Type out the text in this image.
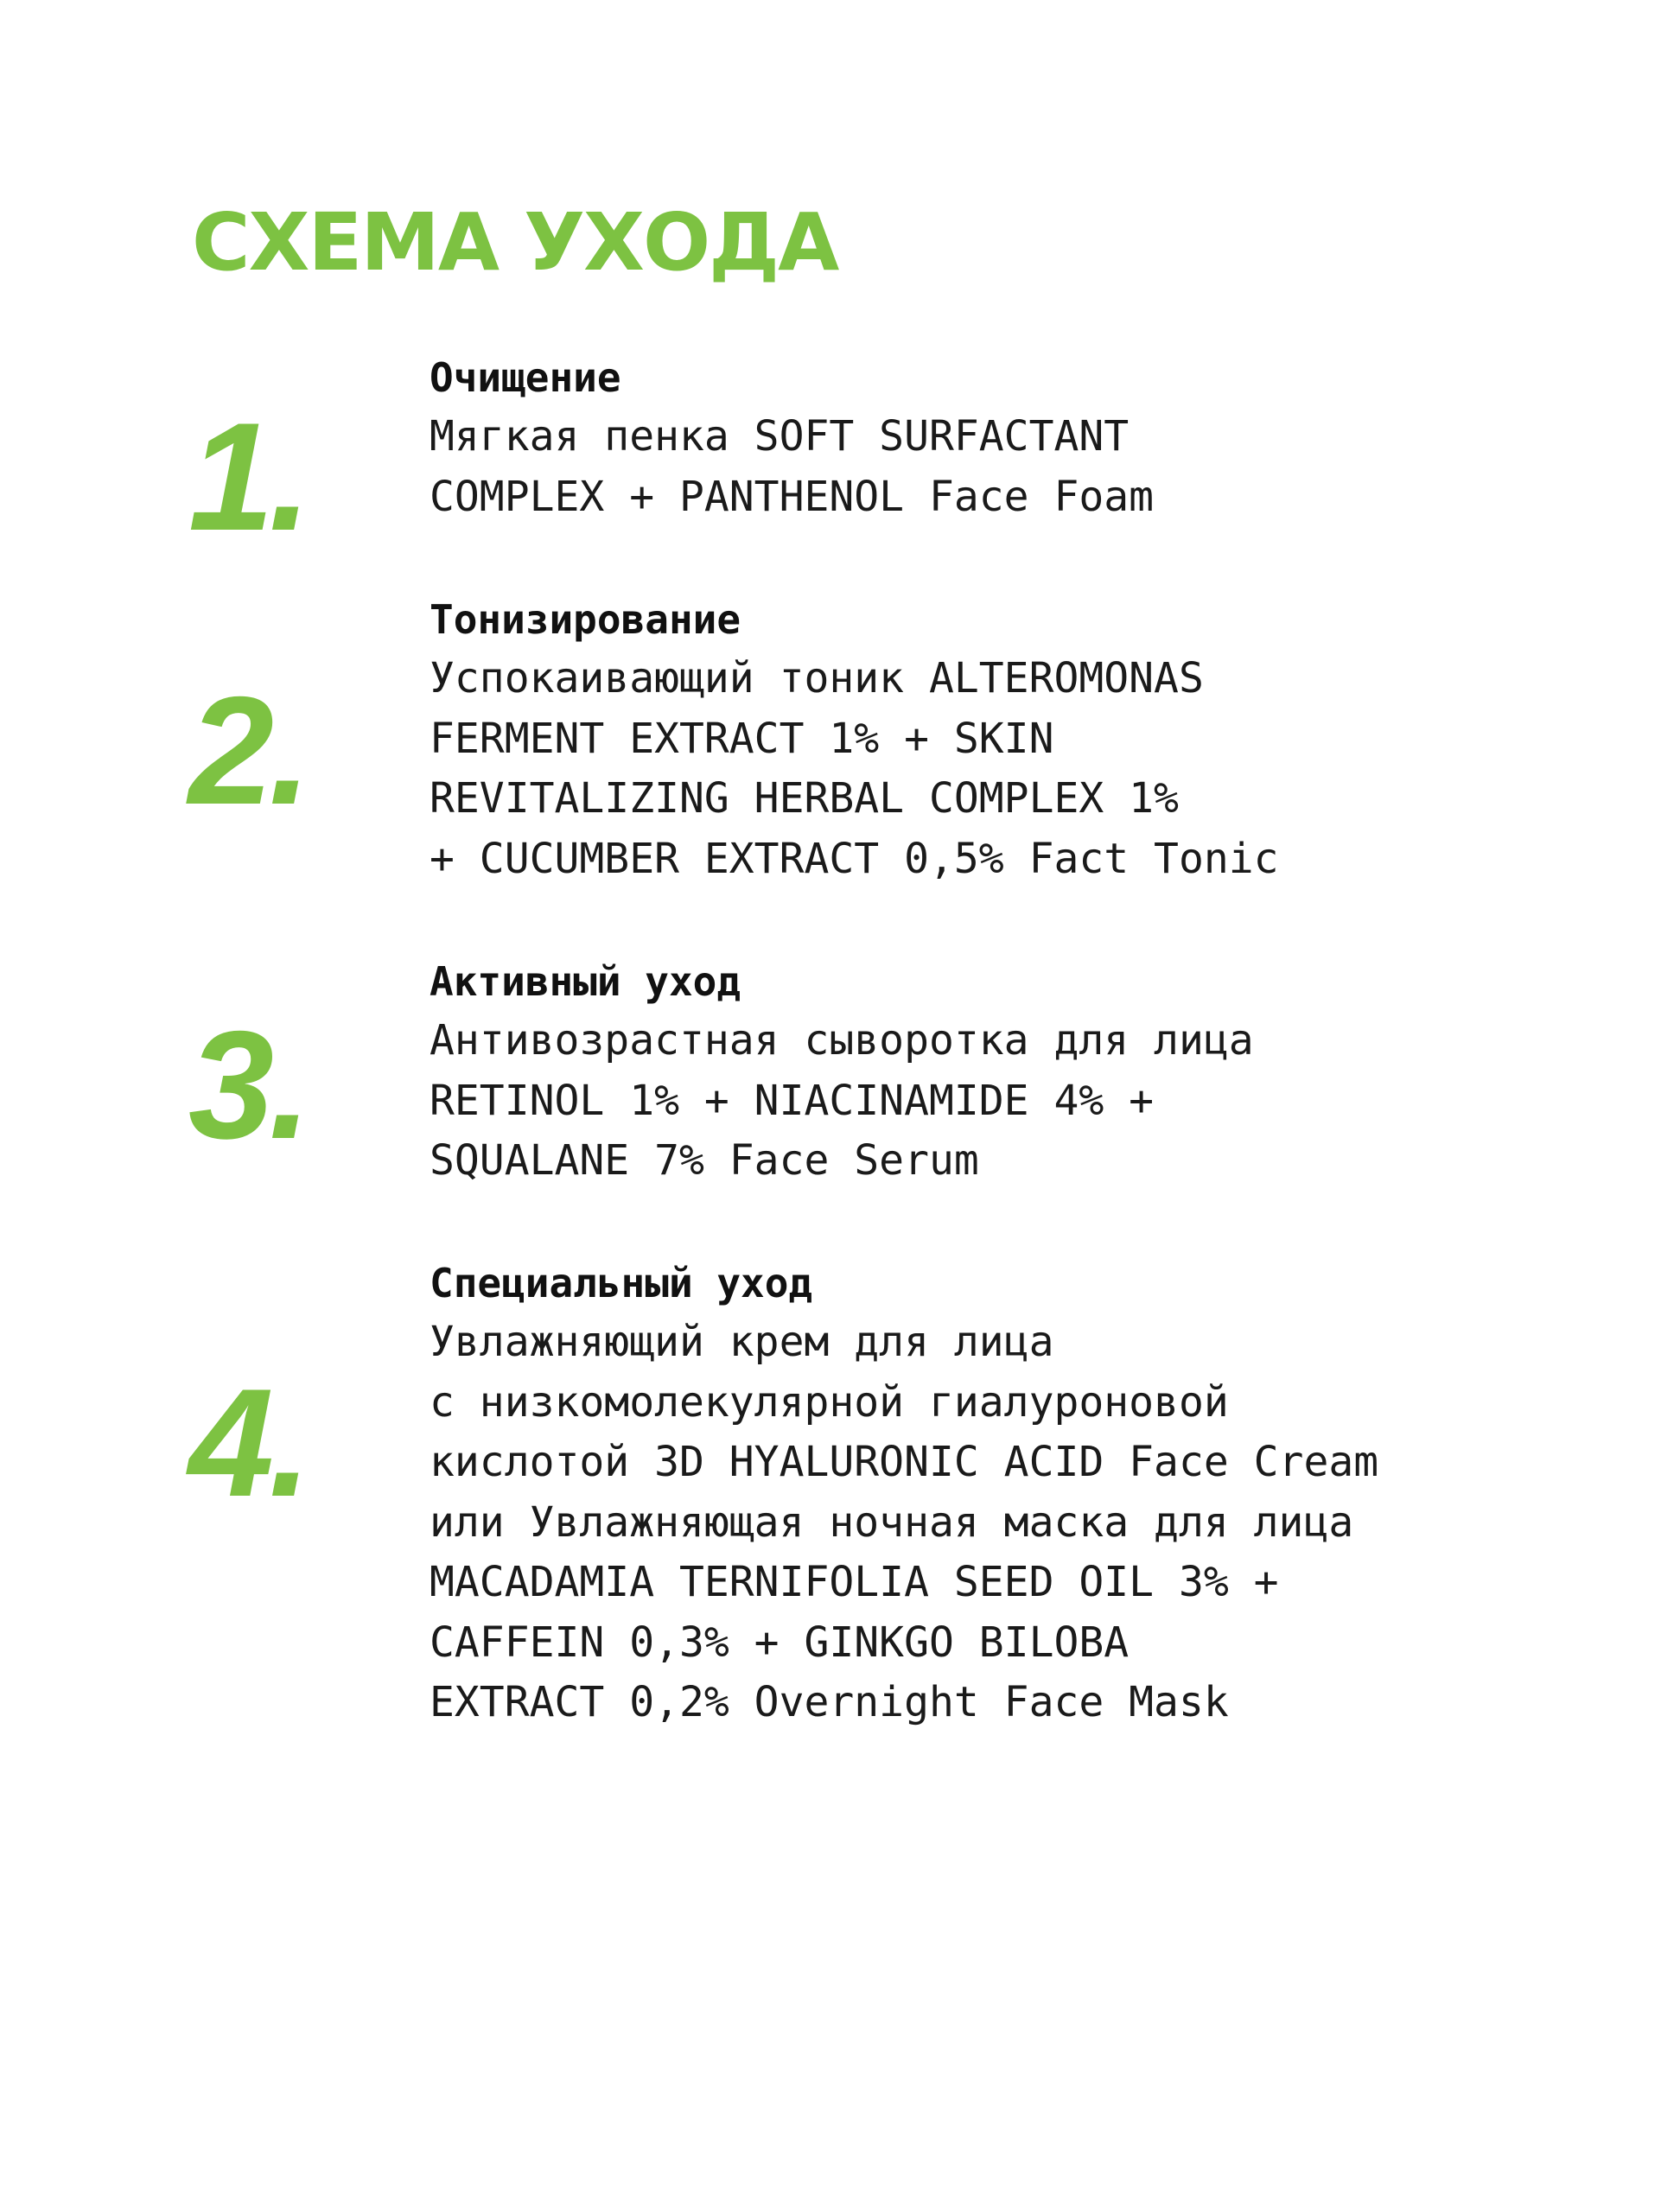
СХЕМА УХОДА
1.
Очищение
Мягкая пенка SOFT SURFACTANT
COMPLEX + PANTHENOL Face Foam
2.
Тонизирование
Успокаивающий тоник ALTEROMONAS
FERMENT EXTRACT 1% + SKIN
REVITALIZING HERBAL COMPLEX 1%
+ CUCUMBER EXTRACT 0,5% Fact Tonic
3.
Активный уход
Антивозрастная сыворотка для лица
RETINOL 1% + NIACINAMIDE 4% +
SQUALANE 7% Face Serum
4.
Специальный уход
Увлажняющий крем для лица
с низкомолекулярной гиалуроновой
кислотой 3D HYALURONIC ACID Face Cream
или Увлажняющая ночная маска для лица
MACADAMIA TERNIFOLIA SEED OIL 3% +
CAFFEIN 0,3% + GINKGO BILOBA
EXTRACT 0,2% Overnight Face Mask
